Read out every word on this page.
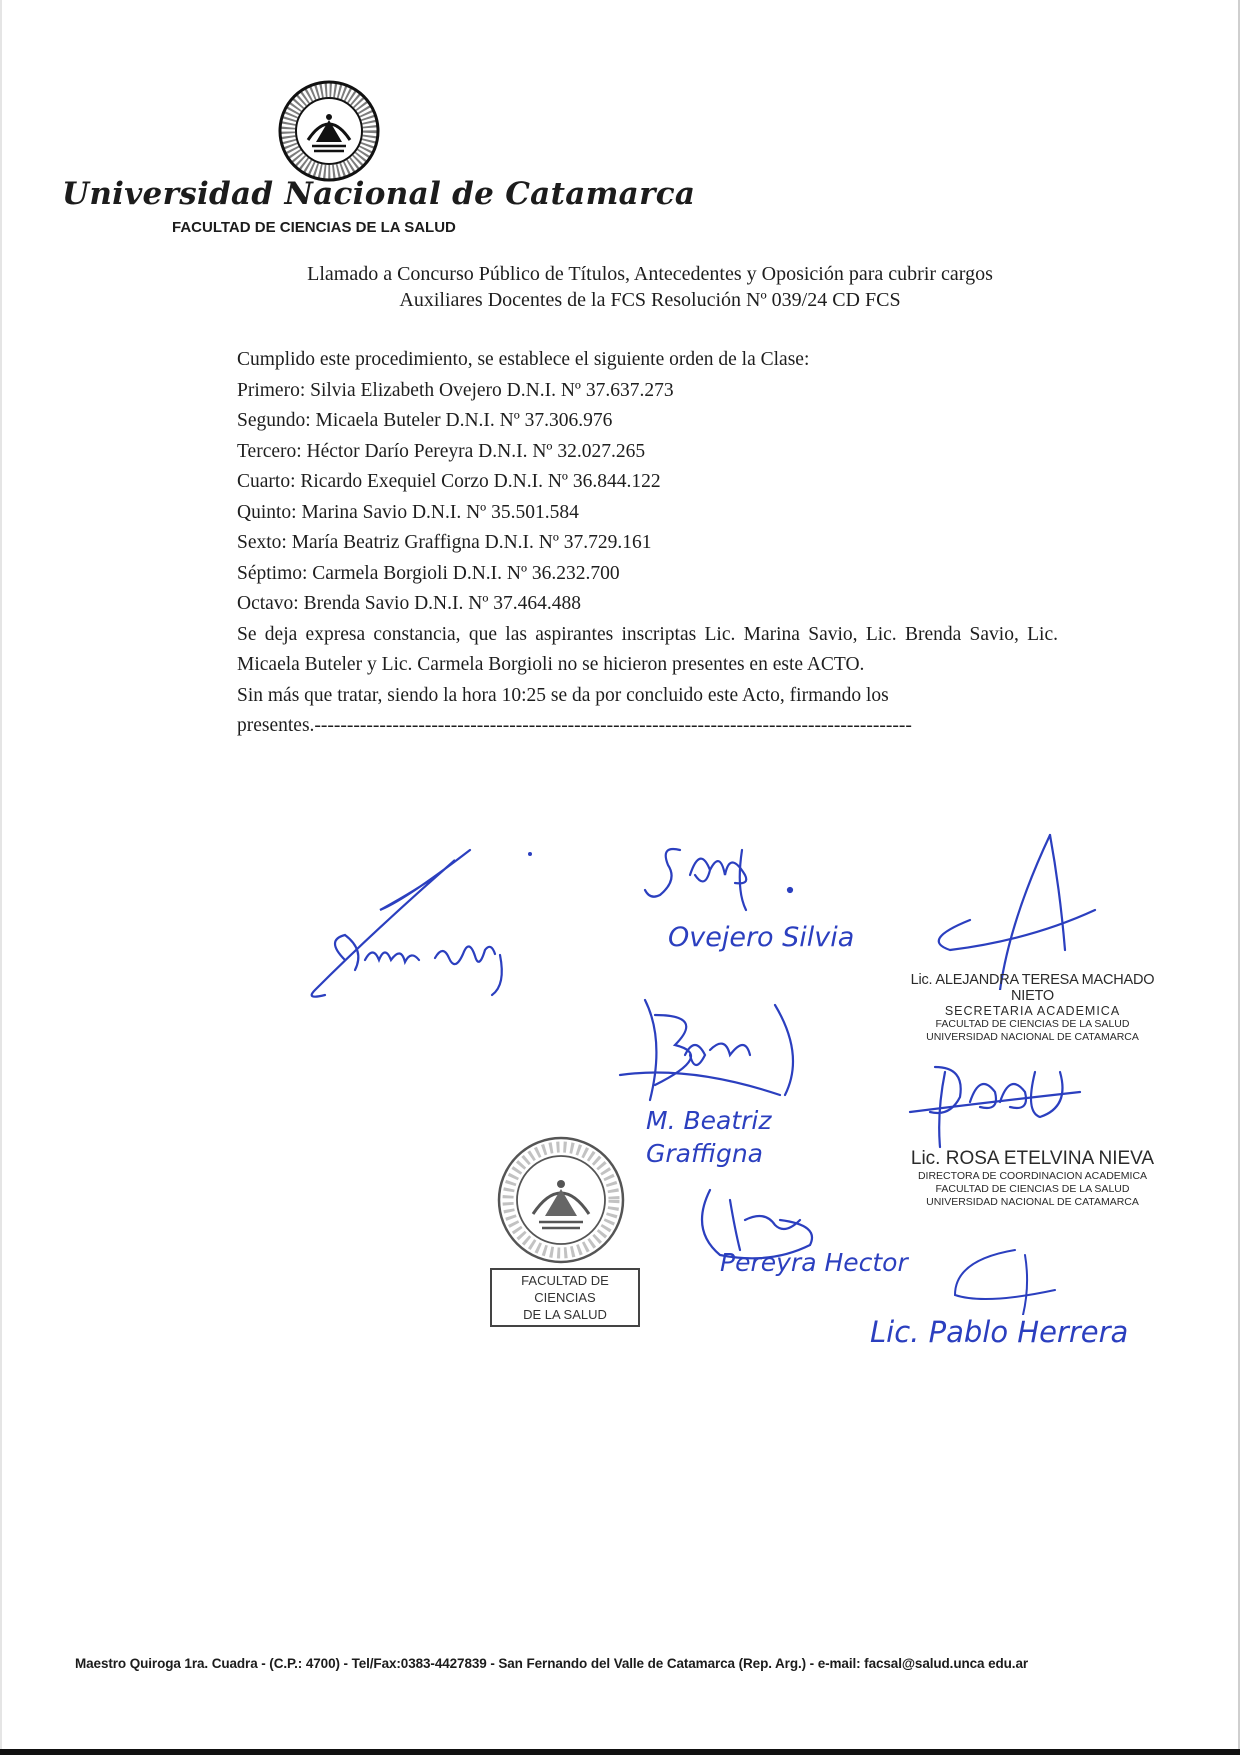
Universidad Nacional de Catamarca
FACULTAD DE CIENCIAS DE LA SALUD
Llamado a Concurso Público de Títulos, Antecedentes y Oposición para cubrir cargos
Auxiliares Docentes de la FCS Resolución Nº 039/24 CD FCS
Cumplido este procedimiento, se establece el siguiente orden de la Clase:
Primero: Silvia Elizabeth Ovejero D.N.I. Nº 37.637.273
Segundo: Micaela Buteler D.N.I. Nº 37.306.976
Tercero: Héctor Darío Pereyra D.N.I. Nº 32.027.265
Cuarto: Ricardo Exequiel Corzo D.N.I. Nº 36.844.122
Quinto: Marina Savio D.N.I. Nº 35.501.584
Sexto: María Beatriz Graffigna D.N.I. Nº 37.729.161
Séptimo: Carmela Borgioli D.N.I. Nº 36.232.700
Octavo: Brenda Savio D.N.I. Nº 37.464.488
Se deja expresa constancia, que las aspirantes inscriptas Lic. Marina Savio, Lic. Brenda Savio, Lic. Micaela Buteler y Lic. Carmela Borgioli no se hicieron presentes en este ACTO.
Sin más que tratar, siendo la hora 10:25 se da por concluido este Acto, firmando los
presentes.--------------------------------------------------------------------------------------------
Ovejero Silvia
Lic. ALEJANDRA TERESA MACHADO NIETO
SECRETARIA ACADEMICA
FACULTAD DE CIENCIAS DE LA SALUD
UNIVERSIDAD NACIONAL DE CATAMARCA
M. Beatriz Graffigna
Pereyra Hector
Lic. ROSA ETELVINA NIEVA
DIRECTORA DE COORDINACION ACADEMICA
FACULTAD DE CIENCIAS DE LA SALUD
UNIVERSIDAD NACIONAL DE CATAMARCA
Lic. Pablo Herrera
FACULTAD DE CIENCIAS
DE LA SALUD
Maestro Quiroga 1ra. Cuadra - (C.P.: 4700) - Tel/Fax:0383-4427839 - San Fernando del Valle de Catamarca (Rep. Arg.) - e-mail: facsal@salud.unca edu.ar
